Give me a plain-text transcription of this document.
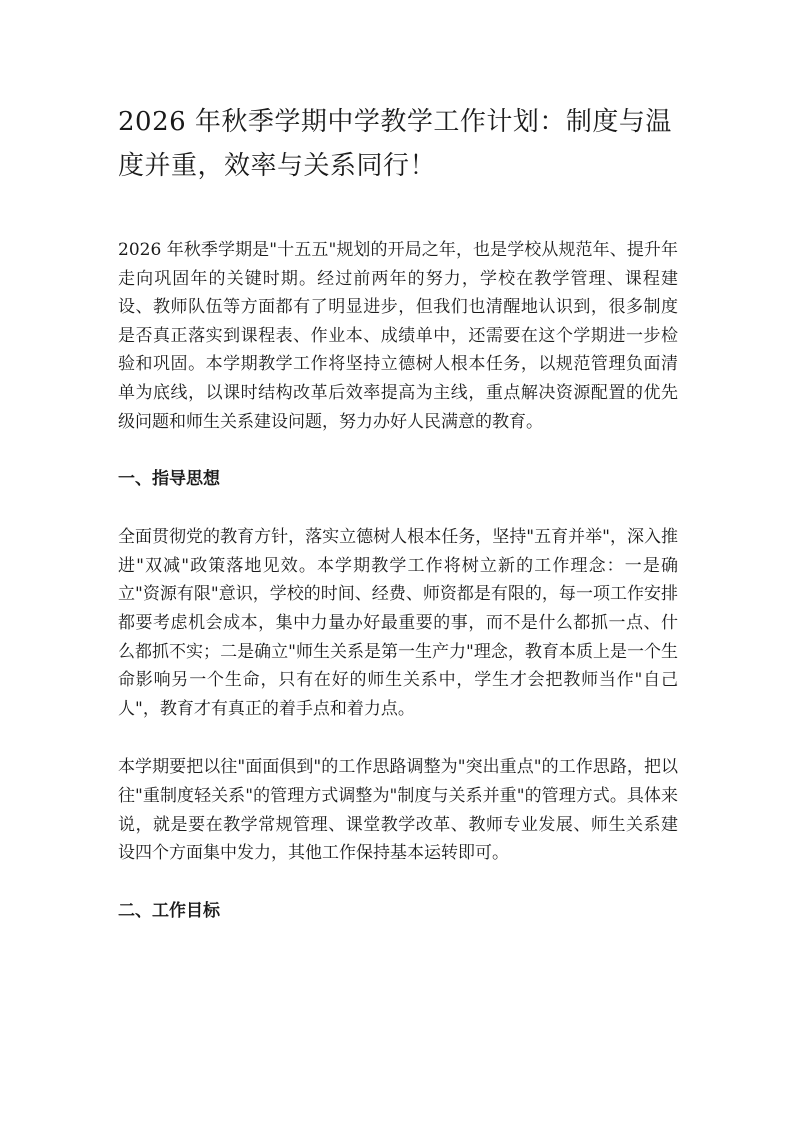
2026 年秋季学期中学教学工作计划：制度与温度并重，效率与关系同行！

2026 年秋季学期是"十五五"规划的开局之年，也是学校从规范年、提升年走向巩固年的关键时期。经过前两年的努力，学校在教学管理、课程建设、教师队伍等方面都有了明显进步，但我们也清醒地认识到，很多制度是否真正落实到课程表、作业本、成绩单中，还需要在这个学期进一步检验和巩固。本学期教学工作将坚持立德树人根本任务，以规范管理负面清单为底线，以课时结构改革后效率提高为主线，重点解决资源配置的优先级问题和师生关系建设问题，努力办好人民满意的教育。

一、指导思想

全面贯彻党的教育方针，落实立德树人根本任务，坚持"五育并举"，深入推进"双减"政策落地见效。本学期教学工作将树立新的工作理念：一是确立"资源有限"意识，学校的时间、经费、师资都是有限的，每一项工作安排都要考虑机会成本，集中力量办好最重要的事，而不是什么都抓一点、什么都抓不实；二是确立"师生关系是第一生产力"理念，教育本质上是一个生命影响另一个生命，只有在好的师生关系中，学生才会把教师当作"自己人"，教育才有真正的着手点和着力点。

本学期要把以往"面面俱到"的工作思路调整为"突出重点"的工作思路，把以往"重制度轻关系"的管理方式调整为"制度与关系并重"的管理方式。具体来说，就是要在教学常规管理、课堂教学改革、教师专业发展、师生关系建设四个方面集中发力，其他工作保持基本运转即可。

二、工作目标
